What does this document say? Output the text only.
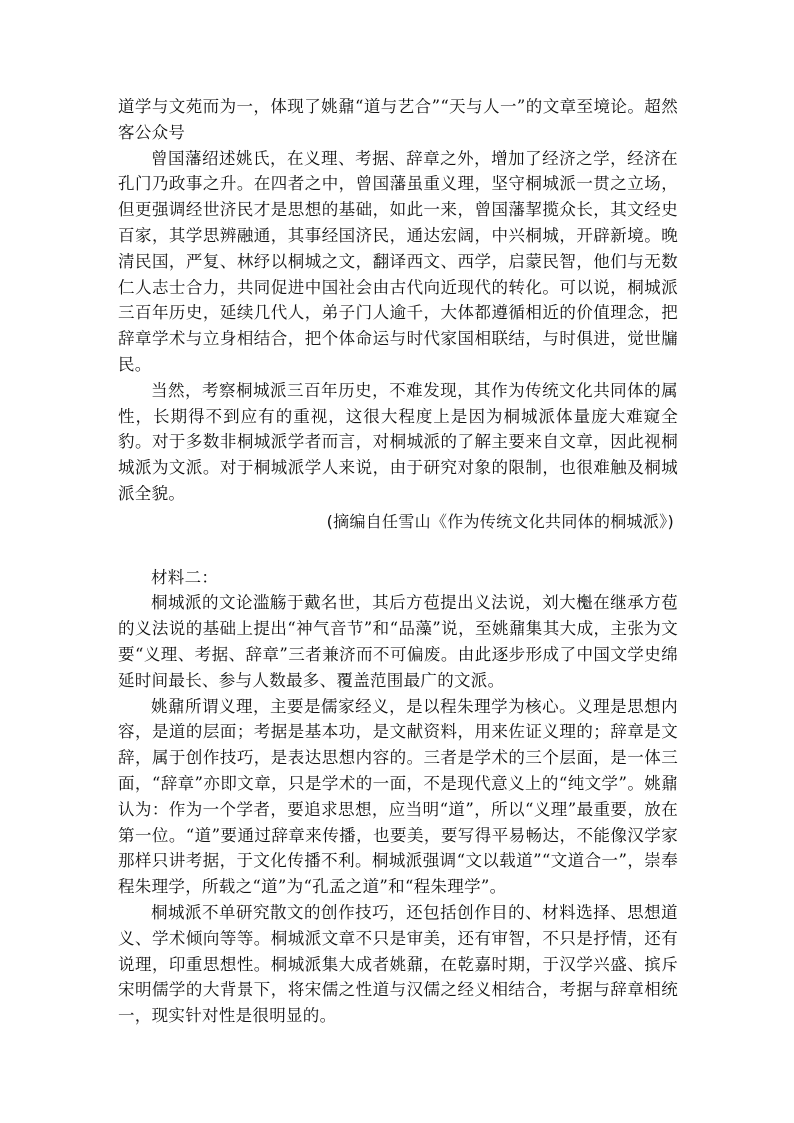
道学与文苑而为一，体现了姚鼐“道与艺合”“天与人一”的文章至境论。超然客公众号

曾国藩绍述姚氏，在义理、考据、辞章之外，增加了经济之学，经济在孔门乃政事之升。在四者之中，曾国藩虽重义理，坚守桐城派一贯之立场，但更强调经世济民才是思想的基础，如此一来，曾国藩挈揽众长，其文经史百家，其学思辨融通，其事经国济民，通达宏阔，中兴桐城，开辟新境。晚清民国，严复、林纾以桐城之文，翻译西文、西学，启蒙民智，他们与无数仁人志士合力，共同促进中国社会由古代向近现代的转化。可以说，桐城派三百年历史，延续几代人，弟子门人逾千，大体都遵循相近的价值理念，把辞章学术与立身相结合，把个体命运与时代家国相联结，与时俱进，觉世牖民。

当然，考察桐城派三百年历史，不难发现，其作为传统文化共同体的属性，长期得不到应有的重视，这很大程度上是因为桐城派体量庞大难窥全豹。对于多数非桐城派学者而言，对桐城派的了解主要来自文章，因此视桐城派为文派。对于桐城派学人来说，由于研究对象的限制，也很难触及桐城派全貌。

(摘编自任雪山《作为传统文化共同体的桐城派》)

材料二：

桐城派的文论滥觞于戴名世，其后方苞提出义法说，刘大櫆在继承方苞的义法说的基础上提出“神气音节”和“品藻”说，至姚鼐集其大成，主张为文要“义理、考据、辞章”三者兼济而不可偏废。由此逐步形成了中国文学史绵延时间最长、参与人数最多、覆盖范围最广的文派。

姚鼐所谓义理，主要是儒家经义，是以程朱理学为核心。义理是思想内容，是道的层面；考据是基本功，是文献资料，用来佐证义理的；辞章是文辞，属于创作技巧，是表达思想内容的。三者是学术的三个层面，是一体三面，“辞章”亦即文章，只是学术的一面，不是现代意义上的“纯文学”。姚鼐认为：作为一个学者，要追求思想，应当明“道”，所以“义理”最重要，放在第一位。“道”要通过辞章来传播，也要美，要写得平易畅达，不能像汉学家那样只讲考据，于文化传播不利。桐城派强调“文以载道”“文道合一”，崇奉程朱理学，所载之“道”为“孔孟之道”和“程朱理学”。

桐城派不单研究散文的创作技巧，还包括创作目的、材料选择、思想道义、学术倾向等等。桐城派文章不只是审美，还有审智，不只是抒情，还有说理，印重思想性。桐城派集大成者姚鼐，在乾嘉时期，于汉学兴盛、摈斥宋明儒学的大背景下，将宋儒之性道与汉儒之经义相结合，考据与辞章相统一，现实针对性是很明显的。
